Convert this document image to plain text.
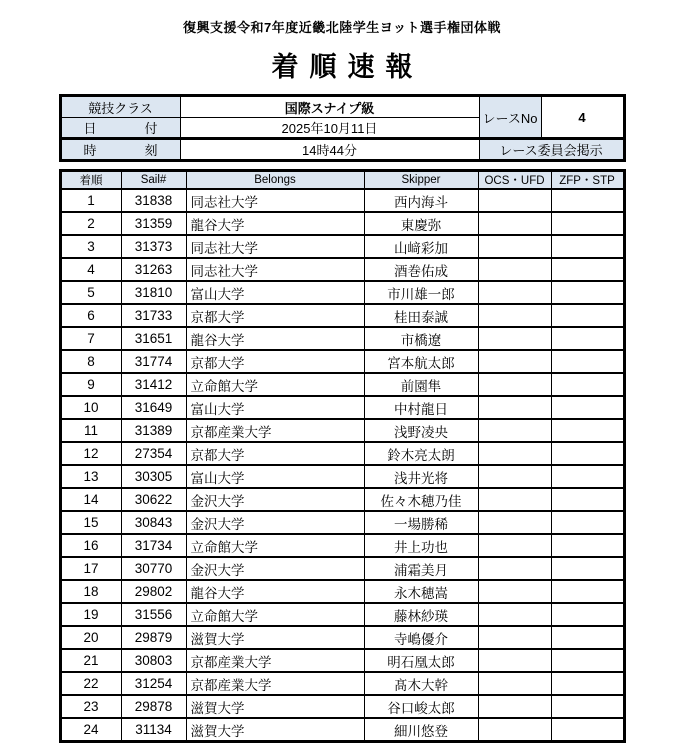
復興支援令和7年度近畿北陸学生ヨット選手権団体戦
着順速報
競技クラス	国際スナイプ級	レースNo	4

日 付	2025年10月11日		

時 刻	14時44分	レース委員会掲示	
着順	Sail#	Belongs	Skipper	OCS・UFD	ZFP・STP
1	31838	同志社大学	西内海斗		
2	31359	龍谷大学	東慶弥		
3	31373	同志社大学	山﨑彩加		
4	31263	同志社大学	酒巻佑成		
5	31810	富山大学	市川雄一郎		
6	31733	京都大学	桂田泰誠		
7	31651	龍谷大学	市橋遼		
8	31774	京都大学	宮本航太郎		
9	31412	立命館大学	前園隼		
10	31649	富山大学	中村龍日		
11	31389	京都産業大学	浅野凌央		
12	27354	京都大学	鈴木亮太朗		
13	30305	富山大学	浅井光将		
14	30622	金沢大学	佐々木穂乃佳		
15	30843	金沢大学	一場勝稀		
16	31734	立命館大学	井上功也		
17	30770	金沢大学	浦霜美月		
18	29802	龍谷大学	永木穂嵩		
19	31556	立命館大学	藤林紗瑛		
20	29879	滋賀大学	寺嶋優介		
21	30803	京都産業大学	明石凰太郎		
22	31254	京都産業大学	髙木大幹		
23	29878	滋賀大学	谷口峻太郎		
24	31134	滋賀大学	細川悠登		
